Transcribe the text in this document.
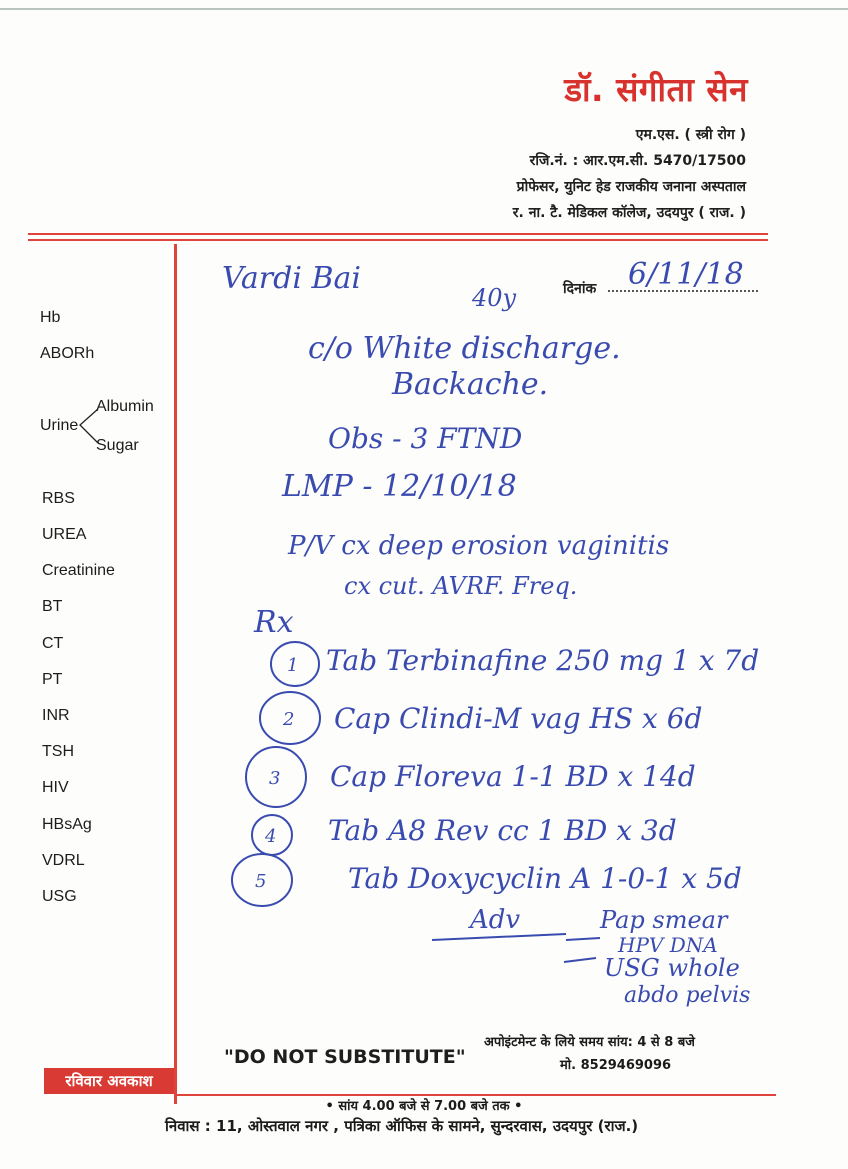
डॉ. संगीता सेन
एम.एस. ( स्त्री रोग )
रजि.नं. : आर.एम.सी. 5470/17500
प्रोफेसर, युनिट हेड राजकीय जनाना अस्पताल
र. ना. टै. मेडिकल कॉलेज, उदयपुर ( राज. )
Hb
ABORh
Urine
Albumin
Sugar
RBS
UREA
Creatinine
BT
CT
PT
INR
TSH
HIV
HBsAg
VDRL
USG
दिनांक
Vardi Bai
40y
6/11/18
c/o White discharge.
Backache.
Obs - 3 FTND
LMP - 12/10/18
P/V cx deep erosion vaginitis
cx cut. AVRF. Freq.
Rx
Tab Terbinafine 250 mg 1 x 7d
Cap Clindi-M vag HS x 6d
Cap Floreva 1-1 BD x 14d
Tab A8 Rev cc 1 BD x 3d
Tab Doxycyclin A 1-0-1 x 5d
Adv	Pap smear
HPV DNA
USG whole
abdo pelvis
1
2
3
4
5
"DO NOT SUBSTITUTE"
अपोइंटमेन्ट के लिये समय सांय: 4 से 8 बजे
मो. 8529469096
रविवार अवकाश
• सांय 4.00 बजे से 7.00 बजे तक •
निवास : 11, ओस्तवाल नगर , पत्रिका ऑफिस के सामने, सुन्दरवास, उदयपुर (राज.)
